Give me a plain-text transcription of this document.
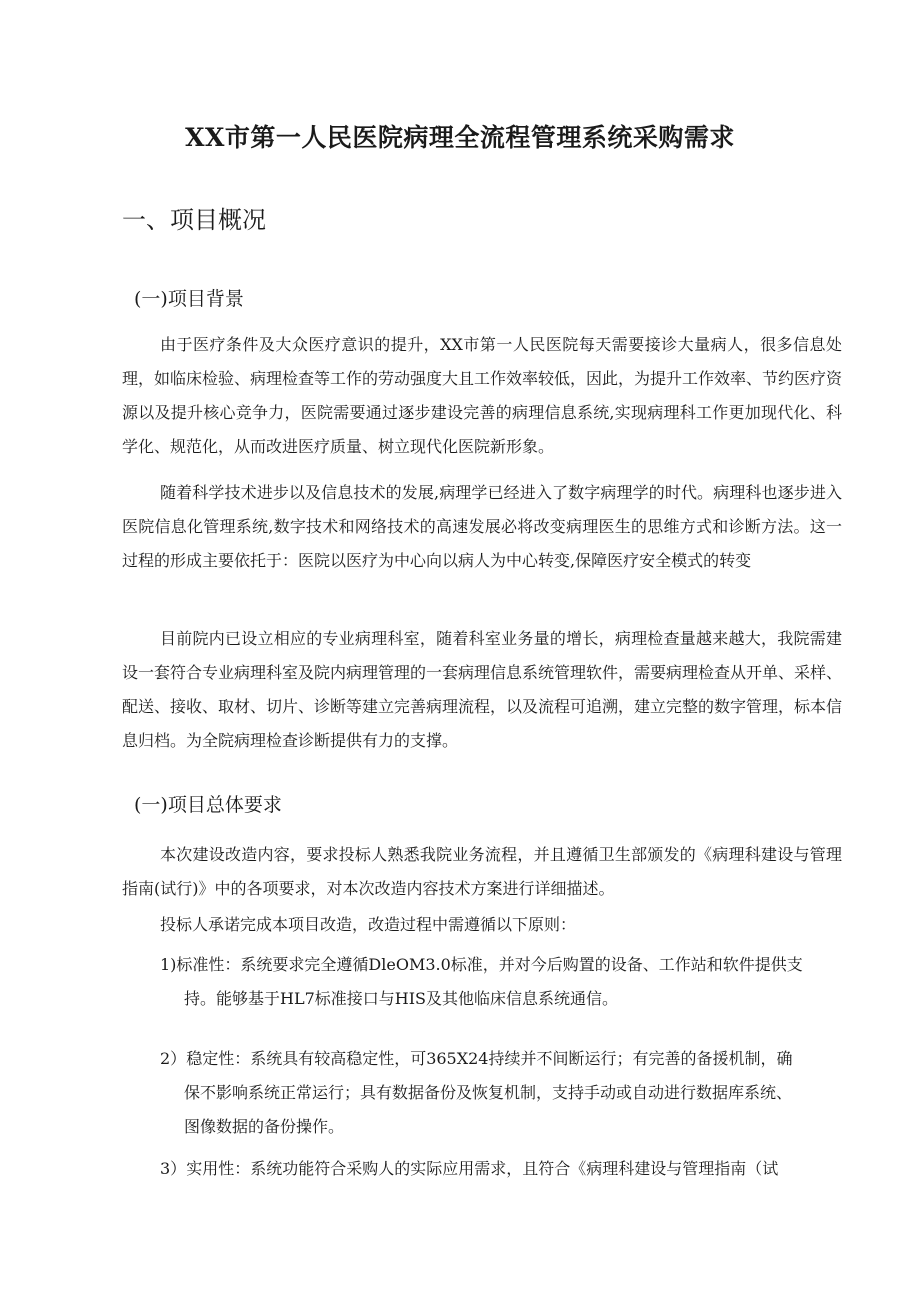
XX市第一人民医院病理全流程管理系统采购需求
一、项目概况
(一)项目背景

由于医疗条件及大众医疗意识的提升，XX市第一人民医院每天需要接诊大量病人，很多信息处理，如临床检验、病理检查等工作的劳动强度大且工作效率较低，因此，为提升工作效率、节约医疗资源以及提升核心竞争力，医院需要通过逐步建设完善的病理信息系统,实现病理科工作更加现代化、科学化、规范化，从而改进医疗质量、树立现代化医院新形象。

随着科学技术进步以及信息技术的发展,病理学已经进入了数字病理学的时代。病理科也逐步进入医院信息化管理系统,数字技术和网络技术的高速发展必将改变病理医生的思维方式和诊断方法。这一过程的形成主要依托于：医院以医疗为中心向以病人为中心转变,保障医疗安全模式的转变

目前院内已设立相应的专业病理科室，随着科室业务量的增长，病理检查量越来越大，我院需建设一套符合专业病理科室及院内病理管理的一套病理信息系统管理软件，需要病理检查从开单、采样、配送、接收、取材、切片、诊断等建立完善病理流程，以及流程可追溯，建立完整的数字管理，标本信息归档。为全院病理检查诊断提供有力的支撑。

(一)项目总体要求

本次建设改造内容，要求投标人熟悉我院业务流程，并且遵循卫生部颁发的《病理科建设与管理指南(试行)》中的各项要求，对本次改造内容技术方案进行详细描述。

投标人承诺完成本项目改造，改造过程中需遵循以下原则：

1)标准性：系统要求完全遵循DleOM3.0标准，并对今后购置的设备、工作站和软件提供支
持。能够基于HL7标准接口与HIS及其他临床信息系统通信。
2）稳定性：系统具有较高稳定性，可365X24持续并不间断运行；有完善的备援机制，确
保不影响系统正常运行；具有数据备份及恢复机制，支持手动或自动进行数据库系统、
图像数据的备份操作。
3）实用性：系统功能符合采购人的实际应用需求，且符合《病理科建设与管理指南（试
